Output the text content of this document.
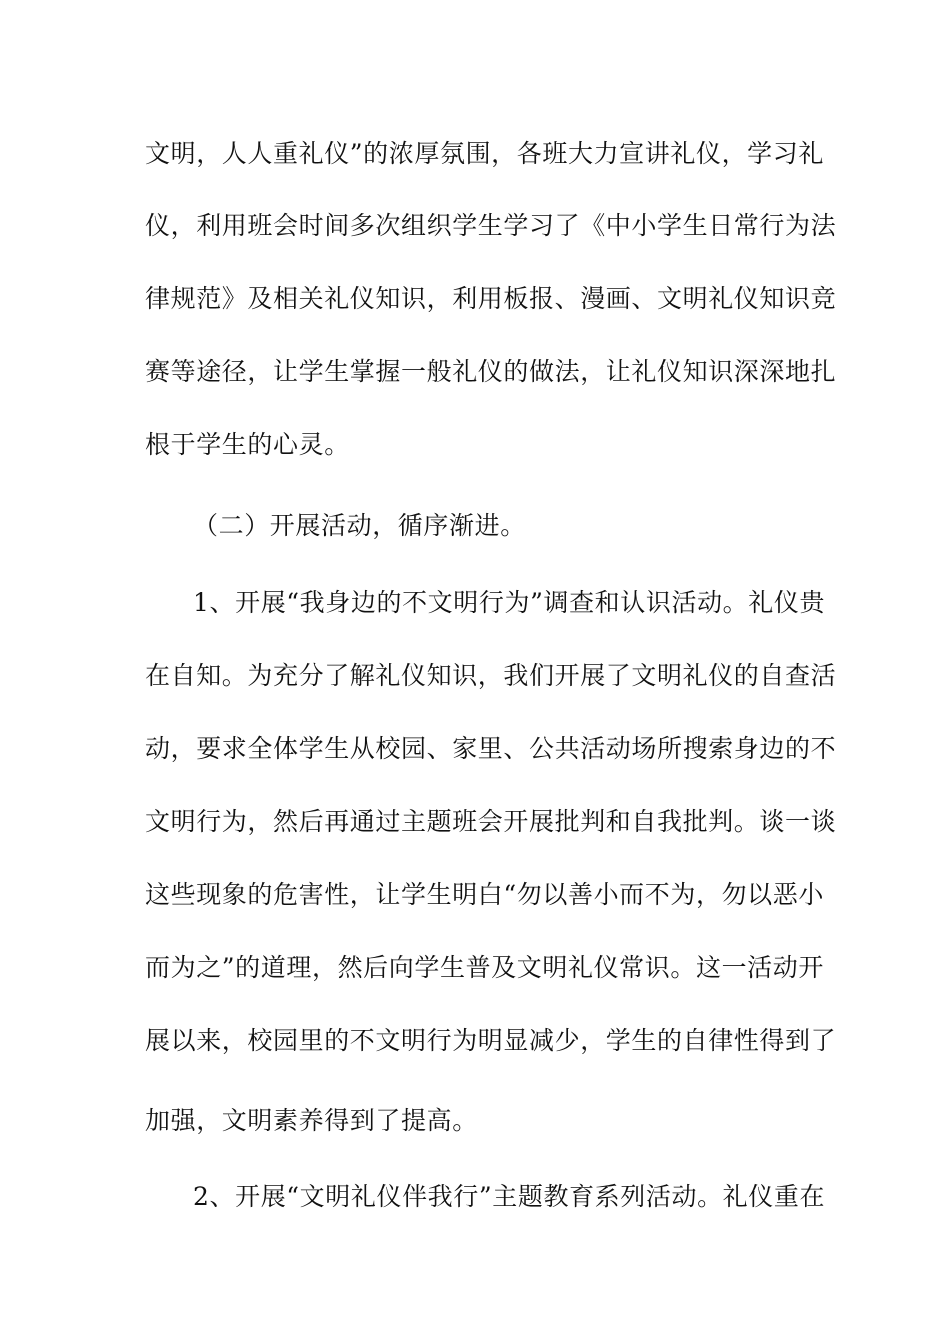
文明，人人重礼仪”的浓厚氛围，各班大力宣讲礼仪，学习礼
仪，利用班会时间多次组织学生学习了《中小学生日常行为法
律规范》及相关礼仪知识，利用板报、漫画、文明礼仪知识竞
赛等途径，让学生掌握一般礼仪的做法，让礼仪知识深深地扎
根于学生的心灵。
（二）开展活动，循序渐进。
1、开展“我身边的不文明行为”调查和认识活动。礼仪贵
在自知。为充分了解礼仪知识，我们开展了文明礼仪的自查活
动，要求全体学生从校园、家里、公共活动场所搜索身边的不
文明行为，然后再通过主题班会开展批判和自我批判。谈一谈
这些现象的危害性，让学生明白“勿以善小而不为，勿以恶小
而为之”的道理，然后向学生普及文明礼仪常识。这一活动开
展以来，校园里的不文明行为明显减少，学生的自律性得到了
加强，文明素养得到了提高。
2、开展“文明礼仪伴我行”主题教育系列活动。礼仪重在
